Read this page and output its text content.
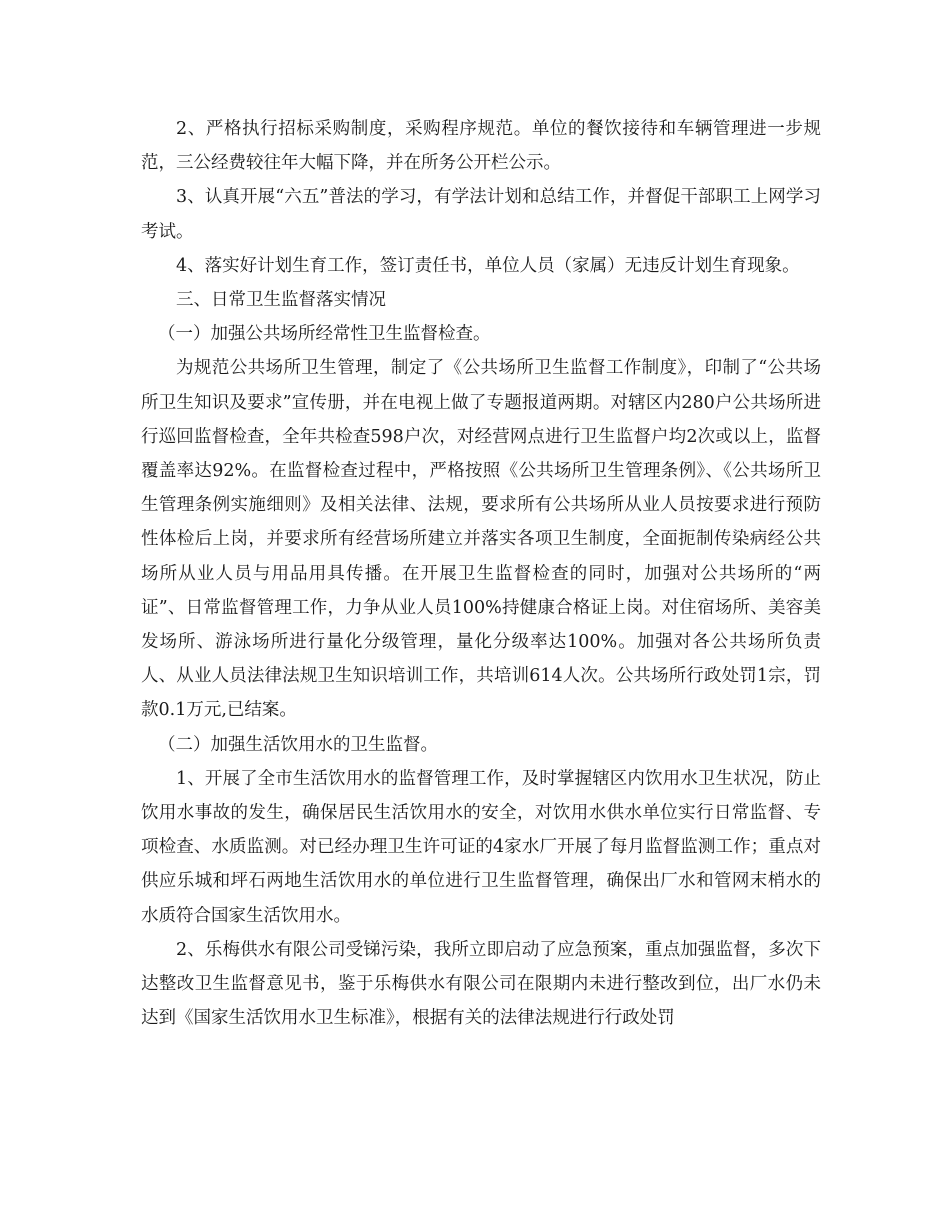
2、严格执行招标采购制度，采购程序规范。单位的餐饮接待和车辆管理进一步规范，三公经费较往年大幅下降，并在所务公开栏公示。

3、认真开展“六五”普法的学习，有学法计划和总结工作，并督促干部职工上网学习考试。

4、落实好计划生育工作，签订责任书，单位人员（家属）无违反计划生育现象。

三、日常卫生监督落实情况

（一）加强公共场所经常性卫生监督检查。

为规范公共场所卫生管理，制定了《公共场所卫生监督工作制度》，印制了“公共场所卫生知识及要求”宣传册，并在电视上做了专题报道两期。对辖区内280户公共场所进行巡回监督检查，全年共检查598户次，对经营网点进行卫生监督户均2次或以上，监督覆盖率达92%。在监督检查过程中，严格按照《公共场所卫生管理条例》、《公共场所卫生管理条例实施细则》及相关法律、法规，要求所有公共场所从业人员按要求进行预防性体检后上岗，并要求所有经营场所建立并落实各项卫生制度，全面扼制传染病经公共场所从业人员与用品用具传播。在开展卫生监督检查的同时，加强对公共场所的“两证”、日常监督管理工作，力争从业人员100%持健康合格证上岗。对住宿场所、美容美发场所、游泳场所进行量化分级管理，量化分级率达100%。加强对各公共场所负责人、从业人员法律法规卫生知识培训工作，共培训614人次。公共场所行政处罚1宗，罚款0.1万元,已结案。

（二）加强生活饮用水的卫生监督。

1、开展了全市生活饮用水的监督管理工作，及时掌握辖区内饮用水卫生状况，防止饮用水事故的发生，确保居民生活饮用水的安全，对饮用水供水单位实行日常监督、专项检查、水质监测。对已经办理卫生许可证的4家水厂开展了每月监督监测工作；重点对供应乐城和坪石两地生活饮用水的单位进行卫生监督管理，确保出厂水和管网末梢水的水质符合国家生活饮用水。

2、乐梅供水有限公司受锑污染，我所立即启动了应急预案，重点加强监督，多次下达整改卫生监督意见书，鉴于乐梅供水有限公司在限期内未进行整改到位，出厂水仍未达到《国家生活饮用水卫生标准》，根据有关的法律法规进行行政处罚
